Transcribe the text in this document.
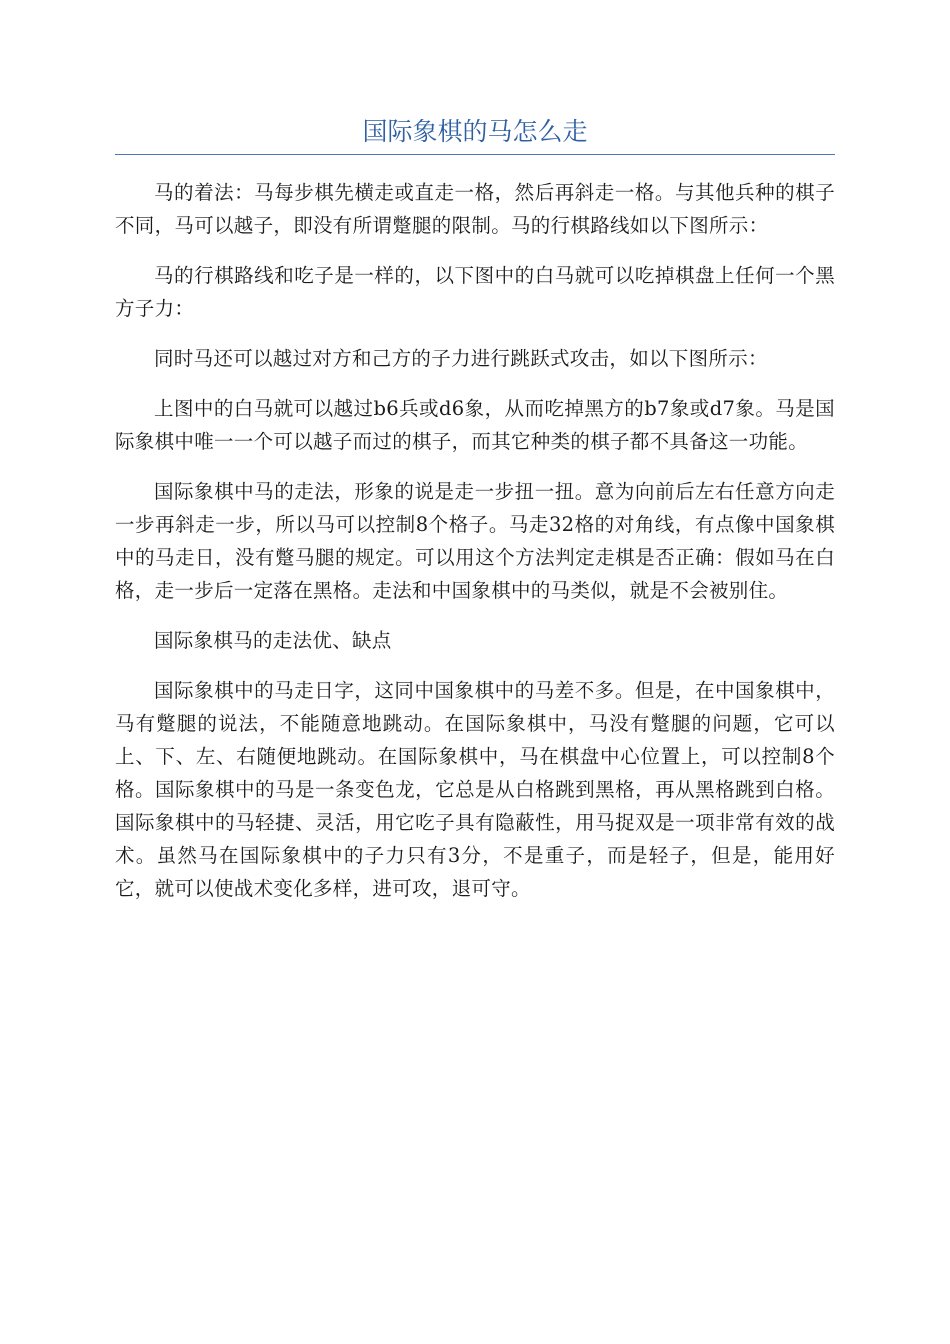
国际象棋的马怎么走

马的着法：马每步棋先横走或直走一格，然后再斜走一格。与其他兵种的棋子不同，马可以越子，即没有所谓蹩腿的限制。马的行棋路线如以下图所示：

马的行棋路线和吃子是一样的，以下图中的白马就可以吃掉棋盘上任何一个黑方子力：

同时马还可以越过对方和己方的子力进行跳跃式攻击，如以下图所示：

上图中的白马就可以越过b6兵或d6象，从而吃掉黑方的b7象或d7象。马是国际象棋中唯一一个可以越子而过的棋子，而其它种类的棋子都不具备这一功能。

国际象棋中马的走法，形象的说是走一步扭一扭。意为向前后左右任意方向走一步再斜走一步，所以马可以控制8个格子。马走32格的对角线，有点像中国象棋中的马走日，没有蹩马腿的规定。可以用这个方法判定走棋是否正确：假如马在白格，走一步后一定落在黑格。走法和中国象棋中的马类似，就是不会被别住。

国际象棋马的走法优、缺点

国际象棋中的马走日字，这同中国象棋中的马差不多。但是，在中国象棋中，马有蹩腿的说法，不能随意地跳动。在国际象棋中，马没有蹩腿的问题，它可以上、下、左、右随便地跳动。在国际象棋中，马在棋盘中心位置上，可以控制8个格。国际象棋中的马是一条变色龙，它总是从白格跳到黑格，再从黑格跳到白格。国际象棋中的马轻捷、灵活，用它吃子具有隐蔽性，用马捉双是一项非常有效的战术。虽然马在国际象棋中的子力只有3分，不是重子，而是轻子，但是，能用好它，就可以使战术变化多样，进可攻，退可守。
